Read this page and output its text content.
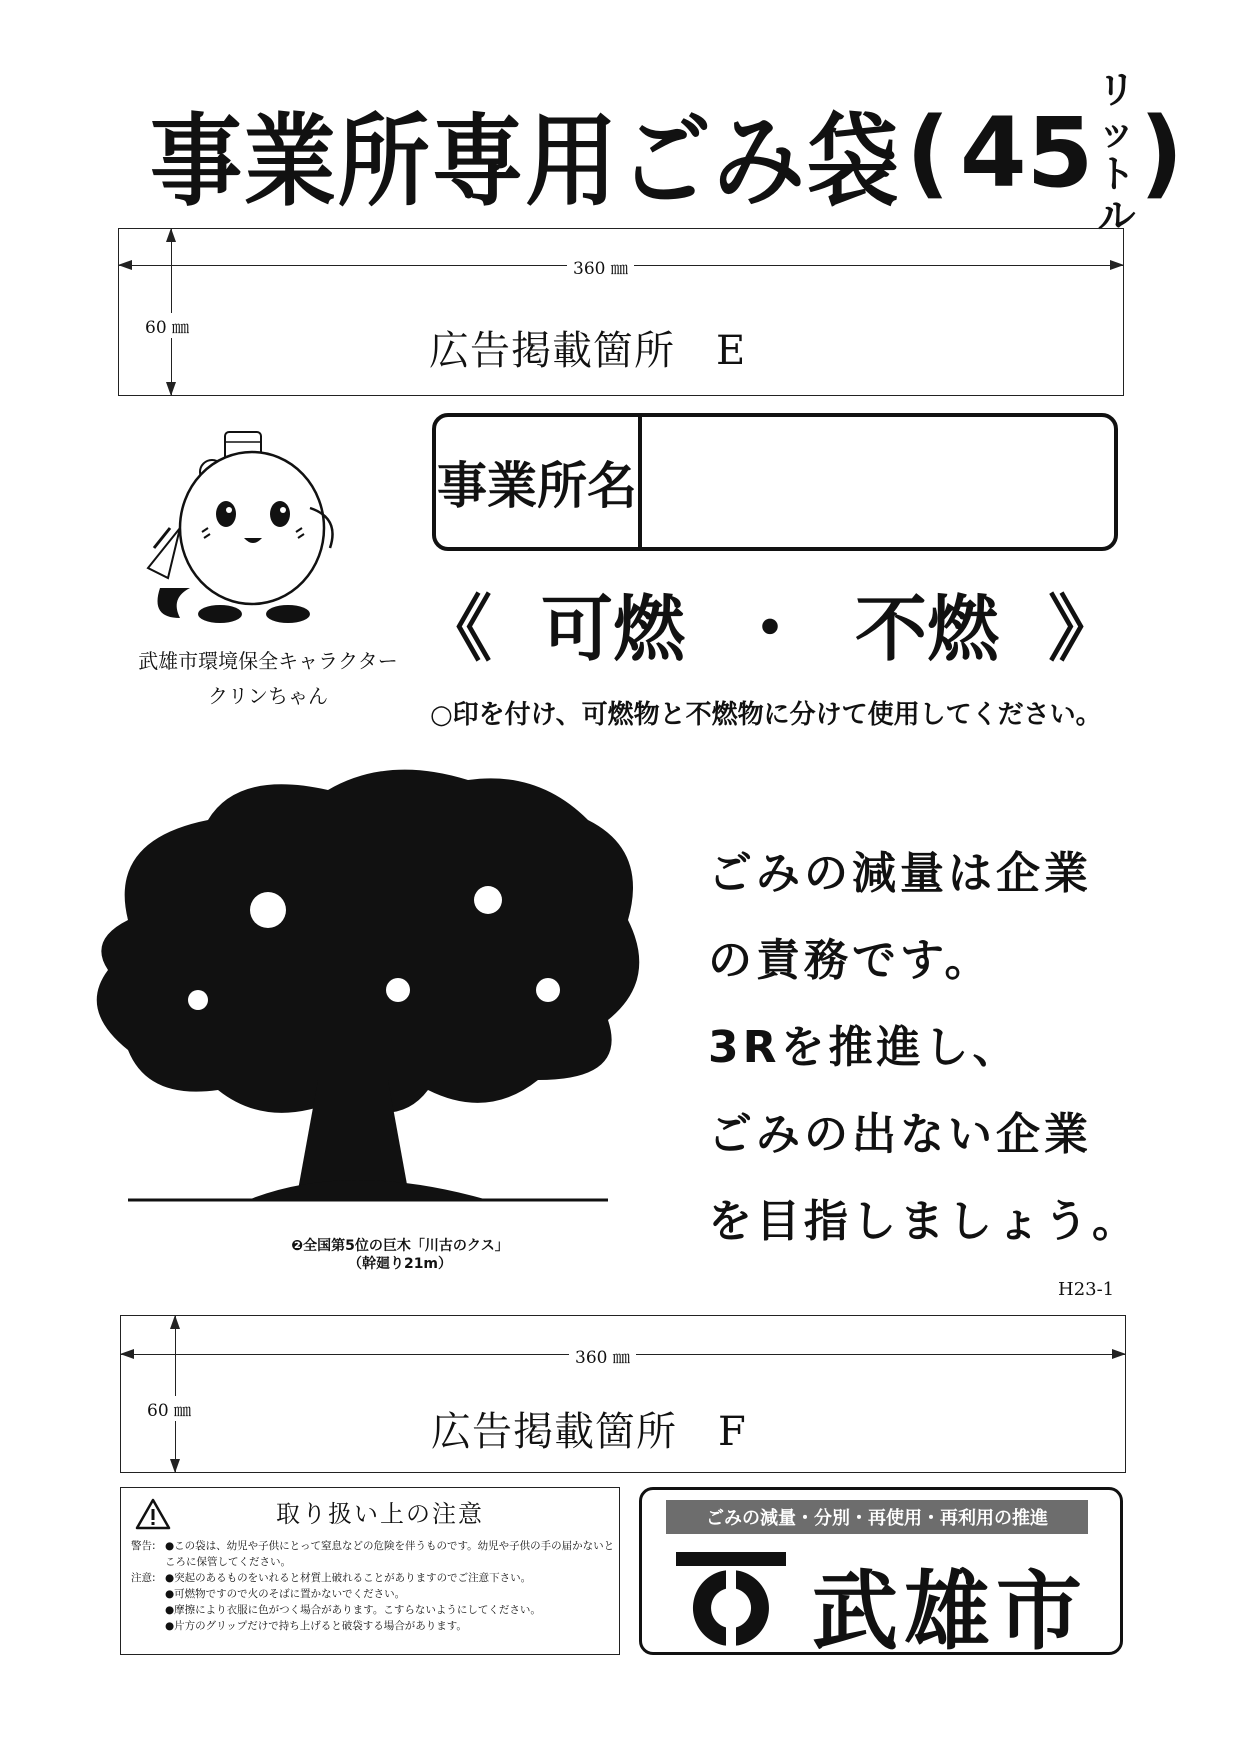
事業所専用ごみ袋 ( 45
リッ
トル
)
360 ㎜
60 ㎜	広告掲載箇所　E
武雄市環境保全キャラクター
クリンちゃん
事業所名
《 可燃 ・ 不燃 》
○印を付け、可燃物と不燃物に分けて使用してください。
❷全国第5位の巨木「川古のクス」
（幹廻り21m）
ごみの減量は企業
の責務です。
3Rを推進し、
ごみの出ない企業
を目指しましょう。
H23-1
360 ㎜
60 ㎜	広告掲載箇所　F
取り扱い上の注意
警告: ●この袋は、幼児や子供にとって窒息などの危険を伴うものです。幼児や子供の手の届かないところに保管してください。
注意: ●突起のあるものをいれると材質上破れることがありますのでご注意下さい。
●可燃物ですので火のそばに置かないでください。
●摩擦により衣服に色がつく場合があります。こすらないようにしてください。
●片方のグリップだけで持ち上げると破袋する場合があります。
ごみの減量・分別・再使用・再利用の推進
武雄市
